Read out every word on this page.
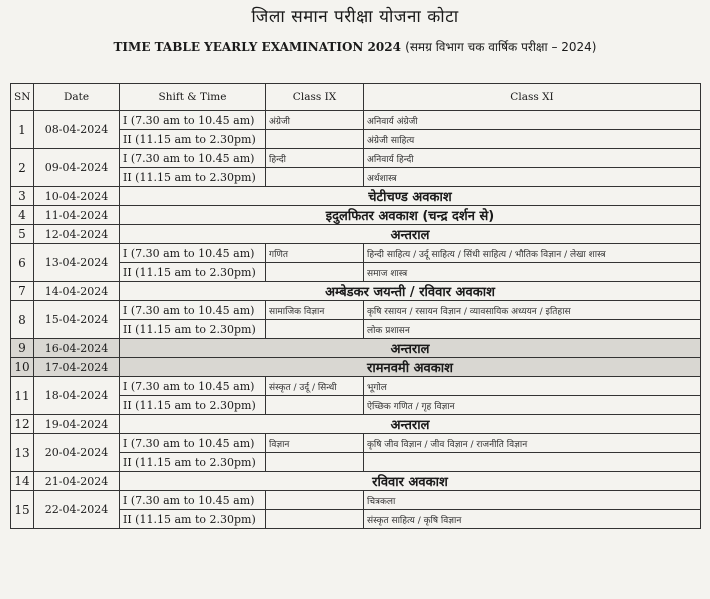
जिला समान परीक्षा योजना कोटा
TIME TABLE YEARLY EXAMINATION 2024 (समग्र विभाग चक वार्षिक परीक्षा – 2024)
SN	Date	Shift & Time	Class IX	Class XI
1	08-04-2024	I (7.30 am to 10.45 am)	अंग्रेजी	अनिवार्य अंग्रेजी
		II (11.15 am to 2.30pm)		अंग्रेजी साहित्य
2	09-04-2024	I (7.30 am to 10.45 am)	हिन्दी	अनिवार्य हिन्दी
		II (11.15 am to 2.30pm)		अर्थशास्त्र
3	10-04-2024	चेटीचण्ड अवकाश		
4	11-04-2024	इदुलफितर अवकाश (चन्द्र दर्शन से)		
5	12-04-2024	अन्तराल		
6	13-04-2024	I (7.30 am to 10.45 am)	गणित	हिन्दी साहित्य / उर्दू साहित्य / सिंधी साहित्य / भौतिक विज्ञान / लेखा शास्त्र
		II (11.15 am to 2.30pm)		समाज शास्त्र
7	14-04-2024	अम्बेडकर जयन्ती / रविवार अवकाश		
8	15-04-2024	I (7.30 am to 10.45 am)	सामाजिक विज्ञान	कृषि रसायन / रसायन विज्ञान / व्यावसायिक अध्ययन / इतिहास
		II (11.15 am to 2.30pm)		लोक प्रशासन
9	16-04-2024	अन्तराल		
10	17-04-2024	रामनवमी अवकाश		
11	18-04-2024	I (7.30 am to 10.45 am)	संस्कृत / उर्दू / सिन्धी	भूगोल
		II (11.15 am to 2.30pm)		ऐच्छिक गणित / गृह विज्ञान
12	19-04-2024	अन्तराल		
13	20-04-2024	I (7.30 am to 10.45 am)	विज्ञान	कृषि जीव विज्ञान / जीव विज्ञान / राजनीति विज्ञान
		II (11.15 am to 2.30pm)		
14	21-04-2024	रविवार अवकाश		
15	22-04-2024	I (7.30 am to 10.45 am)		चित्रकला
		II (11.15 am to 2.30pm)		संस्कृत साहित्य / कृषि विज्ञान
